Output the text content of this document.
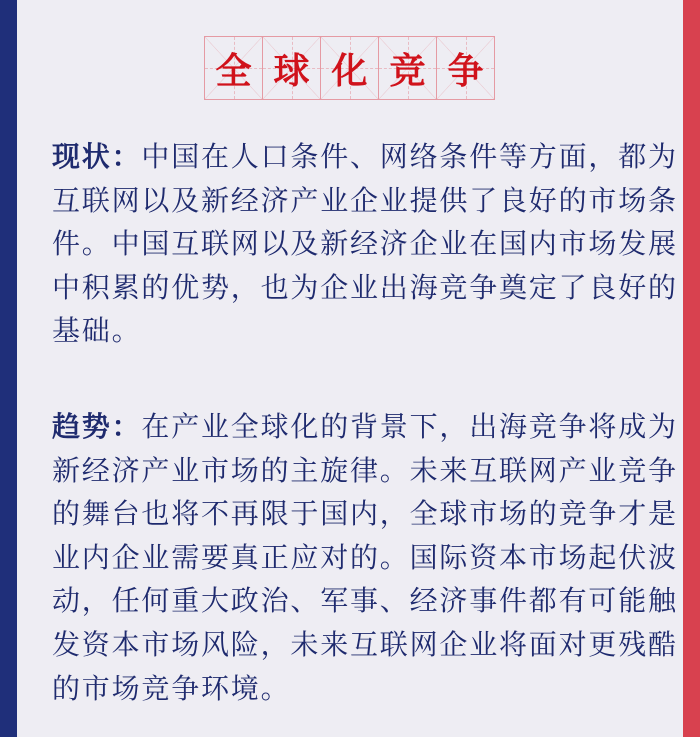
全 球 化 竞 争
现状：中国在人口条件、网络条件等方面，都为
互联网以及新经济产业企业提供了良好的市场条
件。中国互联网以及新经济企业在国内市场发展
中积累的优势，也为企业出海竞争奠定了良好的
基础。
趋势：在产业全球化的背景下，出海竞争将成为
新经济产业市场的主旋律。未来互联网产业竞争
的舞台也将不再限于国内，全球市场的竞争才是
业内企业需要真正应对的。国际资本市场起伏波
动，任何重大政治、军事、经济事件都有可能触
发资本市场风险，未来互联网企业将面对更残酷
的市场竞争环境。
